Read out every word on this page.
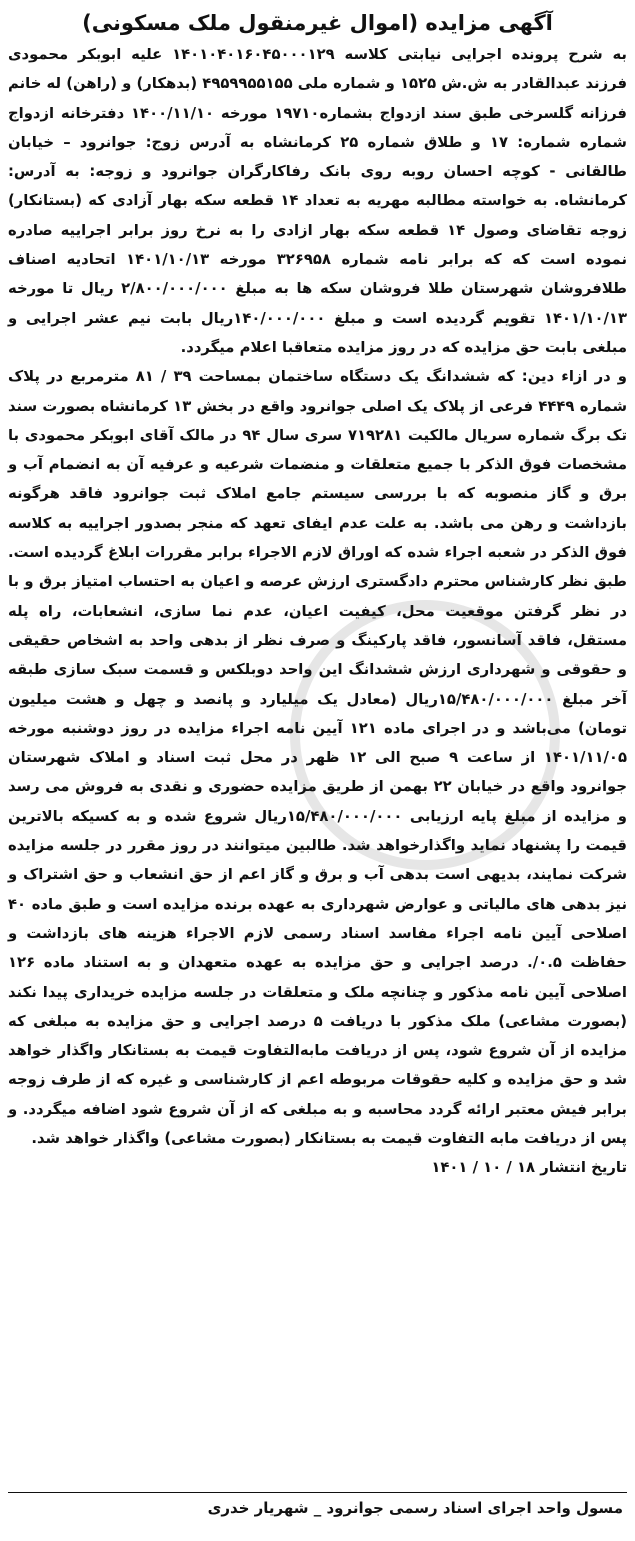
آگهی مزایده (اموال غیرمنقول ملک مسکونی)

به شرح پرونده اجرایی نیابتی کلاسه ۱۴۰۱۰۴۰۱۶۰۴۵۰۰۰۱۲۹ علیه ابوبکر محمودی فرزند عبدالقادر به ش.ش ۱۵۲۵ و شماره ملی ۴۹۵۹۹۵۵۱۵۵ (بدهکار) و (راهن) له خانم فرزانه گلسرخی طبق سند ازدواج بشماره۱۹۷۱۰ مورخه ۱۴۰۰/۱۱/۱۰ دفترخانه ازدواج شماره شماره: ۱۷ و طلاق شماره ۲۵ کرمانشاه به آدرس زوج: جوانرود – خیابان طالقانی - کوچه احسان روبه روی بانک رفاکارگران جوانرود و زوجه: به آدرس: کرمانشاه. به خواسته مطالبه مهریه به تعداد ۱۴ قطعه سکه بهار آزادی که (بستانکار) زوجه تقاضای وصول ۱۴ قطعه سکه بهار ازادی را به نرخ روز برابر اجراییه صادره نموده است که که برابر نامه شماره ۳۲۶۹۵۸ مورخه ۱۴۰۱/۱۰/۱۳ اتحادیه اصناف طلافروشان شهرستان طلا فروشان سکه ها به مبلغ ۲/۸۰۰/۰۰۰/۰۰۰ ریال تا مورخه ۱۴۰۱/۱۰/۱۳ تقویم گردیده است و مبلغ ۱۴۰/۰۰۰/۰۰۰ریال بابت نیم عشر اجرایی و مبلغی بابت حق مزایده که در روز مزایده متعاقبا اعلام میگردد.

و در ازاء دین: که ششدانگ یک دستگاه ساختمان بمساحت ۳۹ / ۸۱ مترمربع در پلاک شماره ۴۴۴۹ فرعی از پلاک یک اصلی جوانرود واقع در بخش ۱۳ کرمانشاه بصورت سند تک برگ شماره سریال مالکیت ۷۱۹۲۸۱ سری سال ۹۴ در مالک آقای ابوبکر محمودی با مشخصات فوق الذکر با جمیع متعلقات و منضمات شرعیه و عرفیه آن به انضمام آب و برق و گاز منصوبه که با بررسی سیستم جامع املاک ثبت جوانرود فاقد هرگونه بازداشت و رهن می باشد. به علت عدم ایفای تعهد که منجر بصدور اجراییه به کلاسه فوق الذکر در شعبه اجراء شده که اوراق لازم الاجراء برابر مقررات ابلاغ گردیده است. طبق نظر کارشناس محترم دادگستری ارزش عرصه و اعیان به احتساب امتیاز برق و با در نظر گرفتن موقعیت محل، کیفیت اعیان، عدم نما سازی، انشعابات، راه پله مستقل، فاقد آسانسور، فاقد پارکینگ و صرف نظر از بدهی واحد به اشخاص حقیقی و حقوقی و شهرداری ارزش ششدانگ این واحد دوبلکس و قسمت سبک سازی طبقه آخر مبلغ ۱۵/۴۸۰/۰۰۰/۰۰۰ریال (معادل یک میلیارد و پانصد و چهل و هشت میلیون تومان) می‌باشد و در اجرای ماده ۱۲۱ آیین نامه اجراء مزایده در روز دوشنبه مورخه ۱۴۰۱/۱۱/۰۵ از ساعت ۹ صبح الی ۱۲ ظهر در محل ثبت اسناد و املاک شهرستان جوانرود واقع در خیابان ۲۲ بهمن از طریق مزایده حضوری و نقدی به فروش می رسد و مزایده از مبلغ پایه ارزیابی ۱۵/۴۸۰/۰۰۰/۰۰۰ریال شروع شده و به کسیکه بالاترین قیمت را پشنهاد نماید واگذارخواهد شد. طالبین میتوانند در روز مقرر در جلسه مزایده شرکت نمایند، بدیهی است بدهی آب و برق و گاز اعم از حق انشعاب و حق اشتراک و نیز بدهی های مالیاتی و عوارض شهرداری به عهده برنده مزایده است و طبق ماده ۴۰ اصلاحی آیین نامه اجراء مفاسد اسناد رسمی لازم الاجراء هزینه های بازداشت و حفاظت ۰.۵/. درصد اجرایی و حق مزایده به عهده متعهدان و به استناد ماده ۱۲۶ اصلاحی آیین نامه مذکور و چنانچه ملک و متعلقات در جلسه مزایده خریداری پیدا نکند (بصورت مشاعی) ملک مذکور با دریافت ۵ درصد اجرایی و حق مزایده به مبلغی که مزایده از آن شروع شود، پس از دریافت مابه‌التفاوت قیمت به بستانکار واگذار خواهد شد و حق مزایده و کلیه حقوقات مربوطه اعم از کارشناسی و غیره که از طرف زوجه برابر فیش معتبر ارائه گردد محاسبه و به مبلغی که از آن شروع شود اضافه میگردد. و پس از دریافت مابه التفاوت قیمت به بستانکار (بصورت مشاعی) واگذار خواهد شد.

تاریخ انتشار ۱۸ / ۱۰ / ۱۴۰۱
مسول واحد اجرای اسناد رسمی جوانرود _ شهریار خدری
